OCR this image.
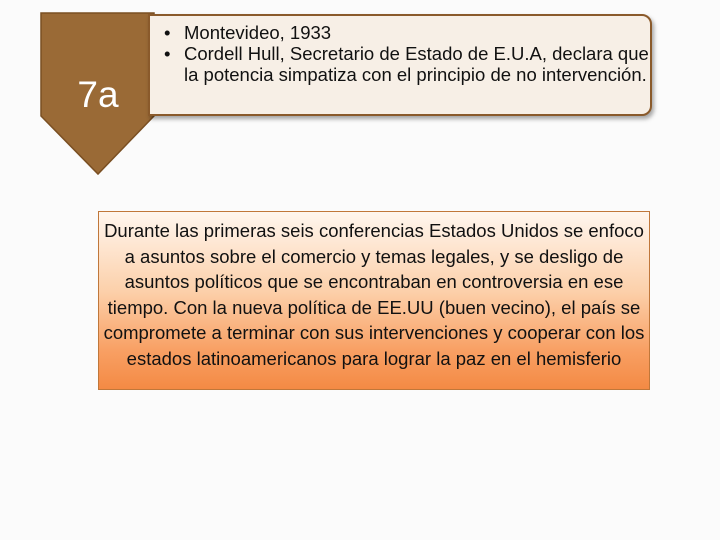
7a
• Montevideo, 1933
• Cordell Hull, Secretario de Estado de E.U.A, declara que la potencia simpatiza con el principio de no intervención.
Durante las primeras seis conferencias Estados Unidos se enfoco a asuntos sobre el comercio y temas legales, y se desligo de asuntos políticos que se encontraban en controversia en ese tiempo. Con la nueva política de EE.UU (buen vecino), el país se compromete a terminar con sus intervenciones y cooperar con los estados latinoamericanos para lograr la paz en el hemisferio
